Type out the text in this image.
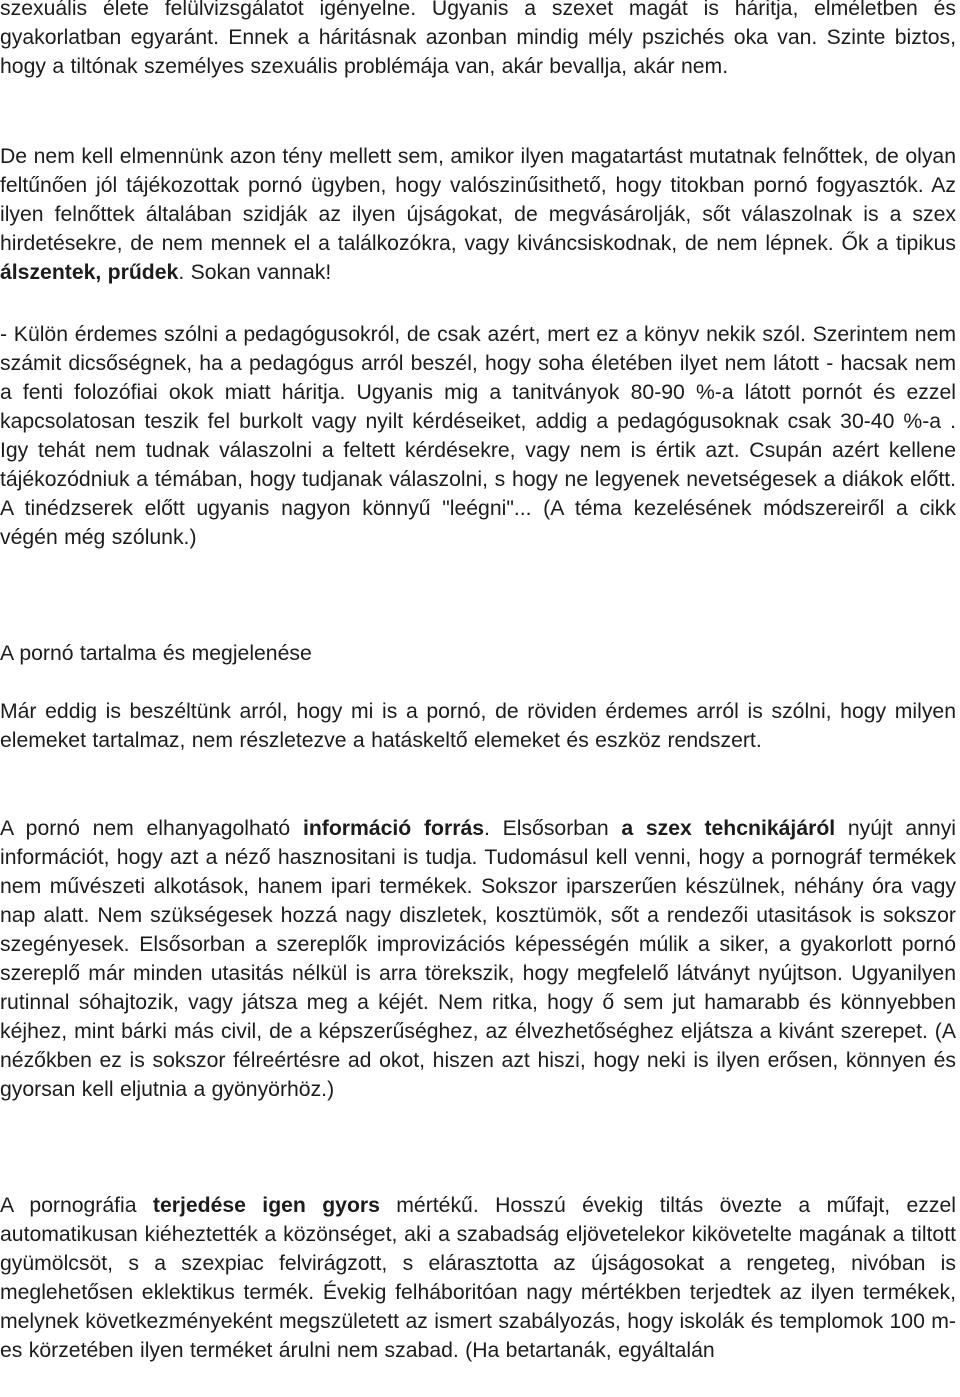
szexuális élete felülvizsgálatot igényelne. Ugyanis a szexet magát is háritja, elméletben és gyakorlatban egyaránt. Ennek a háritásnak azonban mindig mély pszichés oka van. Szinte biztos, hogy a tiltónak személyes szexuális problémája van, akár bevallja, akár nem.

De nem kell elmennünk azon tény mellett sem, amikor ilyen magatartást mutatnak felnőttek, de olyan feltűnően jól tájékozottak pornó ügyben, hogy valószinűsithető, hogy titokban pornó fogyasztók. Az ilyen felnőttek általában szidják az ilyen újságokat, de megvásárolják, sőt válaszolnak is a szex hirdetésekre, de nem mennek el a találkozókra, vagy kiváncsiskodnak, de nem lépnek. Ők a tipikus álszentek, prűdek. Sokan vannak!

- Külön érdemes szólni a pedagógusokról, de csak azért, mert ez a könyv nekik szól. Szerintem nem számit dicsőségnek, ha a pedagógus arról beszél, hogy soha életében ilyet nem látott - hacsak nem a fenti folozófiai okok miatt háritja. Ugyanis mig a tanitványok 80-90 %-a látott pornót és ezzel kapcsolatosan teszik fel burkolt vagy nyilt kérdéseiket, addig a pedagógusoknak csak 30-40 %-a . Igy tehát nem tudnak válaszolni a feltett kérdésekre, vagy nem is értik azt. Csupán azért kellene tájékozódniuk a témában, hogy tudjanak válaszolni, s hogy ne legyenek nevetségesek a diákok előtt. A tinédzserek előtt ugyanis nagyon könnyű "leégni"... (A téma kezelésének módszereiről a cikk végén még szólunk.)

A pornó tartalma és megjelenése

Már eddig is beszéltünk arról, hogy mi is a pornó, de röviden érdemes arról is szólni, hogy milyen elemeket tartalmaz, nem részletezve a hatáskeltő elemeket és eszköz rendszert.

A pornó nem elhanyagolható információ forrás. Elsősorban a szex tehcnikájáról nyújt annyi információt, hogy azt a néző hasznositani is tudja. Tudomásul kell venni, hogy a pornográf termékek nem művészeti alkotások, hanem ipari termékek. Sokszor iparszerűen készülnek, néhány óra vagy nap alatt. Nem szükségesek hozzá nagy diszletek, kosztümök, sőt a rendezői utasitások is sokszor szegényesek. Elsősorban a szereplők improvizációs képességén múlik a siker, a gyakorlott pornó szereplő már minden utasitás nélkül is arra törekszik, hogy megfelelő látványt nyújtson. Ugyanilyen rutinnal sóhajtozik, vagy játsza meg a kéjét. Nem ritka, hogy ő sem jut hamarabb és könnyebben kéjhez, mint bárki más civil, de a képszerűséghez, az élvezhetőséghez eljátsza a kivánt szerepet. (A nézőkben ez is sokszor félreértésre ad okot, hiszen azt hiszi, hogy neki is ilyen erősen, könnyen és gyorsan kell eljutnia a gyönyörhöz.)

A pornográfia terjedése igen gyors mértékű. Hosszú évekig tiltás övezte a műfajt, ezzel automatikusan kiéheztették a közönséget, aki a szabadság eljövetelekor kikövetelte magának a tiltott gyümölcsöt, s a szexpiac felvirágzott, s elárasztotta az újságosokat a rengeteg, nivóban is meglehetősen eklektikus termék. Évekig felháboritóan nagy mértékben terjedtek az ilyen termékek, melynek következményeként megszületett az ismert szabályozás, hogy iskolák és templomok 100 m-es körzetében ilyen terméket árulni nem szabad. (Ha betartanák, egyáltalán
